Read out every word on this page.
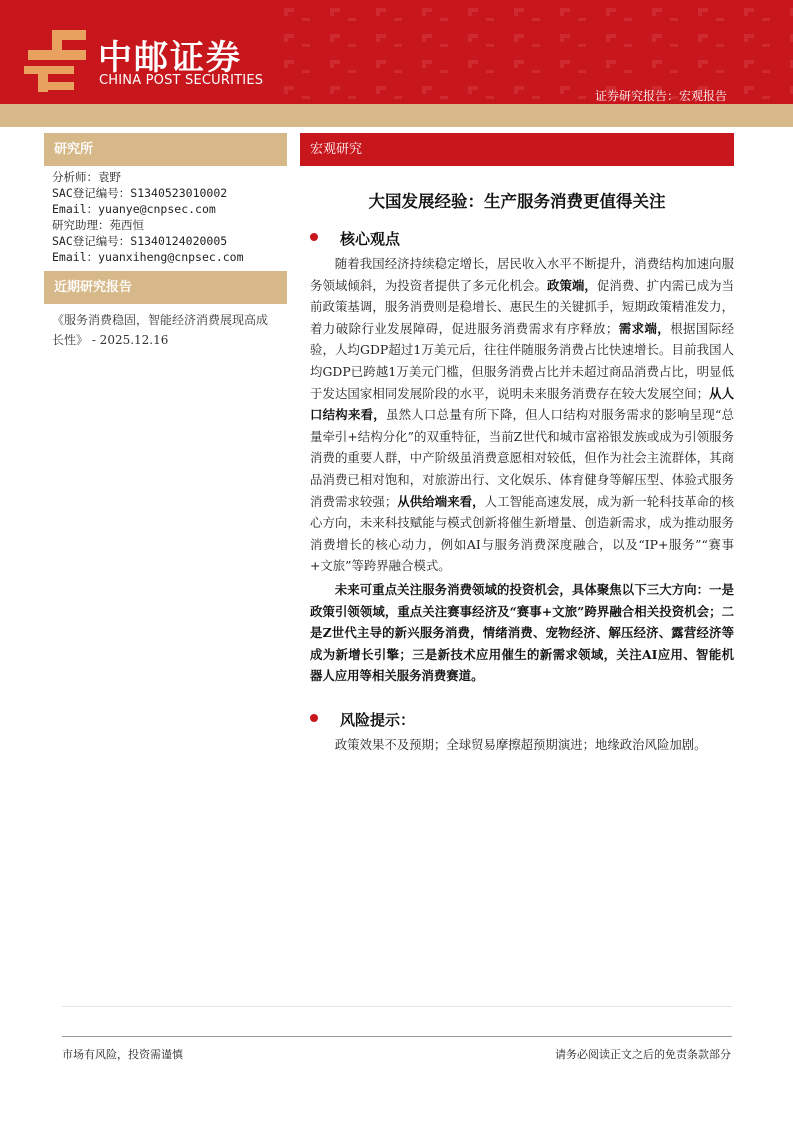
中邮证券
CHINA POST SECURITIES
证券研究报告：宏观报告
发布时间：2025-12-22
研究所
分析师：袁野
SAC登记编号：S1340523010002
Email：yuanye@cnpsec.com
研究助理：苑西恒
SAC登记编号：S1340124020005
Email：yuanxiheng@cnpsec.com
近期研究报告
《服务消费稳固，智能经济消费展现高成长性》 - 2025.12.16
宏观研究
大国发展经验：生产服务消费更值得关注
核心观点
随着我国经济持续稳定增长，居民收入水平不断提升，消费结构加速向服务领域倾斜，为投资者提供了多元化机会。政策端，促消费、扩内需已成为当前政策基调，服务消费则是稳增长、惠民生的关键抓手，短期政策精准发力，着力破除行业发展障碍，促进服务消费需求有序释放；需求端，根据国际经验，人均GDP超过1万美元后，往往伴随服务消费占比快速增长。目前我国人均GDP已跨越1万美元门槛，但服务消费占比并未超过商品消费占比，明显低于发达国家相同发展阶段的水平，说明未来服务消费存在较大发展空间；从人口结构来看，虽然人口总量有所下降，但人口结构对服务需求的影响呈现“总量牵引+结构分化”的双重特征，当前Z世代和城市富裕银发族或成为引领服务消费的重要人群，中产阶级虽消费意愿相对较低，但作为社会主流群体，其商品消费已相对饱和，对旅游出行、文化娱乐、体育健身等解压型、体验式服务消费需求较强；从供给端来看，人工智能高速发展，成为新一轮科技革命的核心方向，未来科技赋能与模式创新将催生新增量、创造新需求，成为推动服务消费增长的核心动力，例如AI与服务消费深度融合，以及“IP+服务”“赛事+文旅”等跨界融合模式。
未来可重点关注服务消费领域的投资机会，具体聚焦以下三大方向：一是政策引领领域，重点关注赛事经济及“赛事+文旅”跨界融合相关投资机会；二是Z世代主导的新兴服务消费，情绪消费、宠物经济、解压经济、露营经济等成为新增长引擎；三是新技术应用催生的新需求领域，关注AI应用、智能机器人应用等相关服务消费赛道。
风险提示：
政策效果不及预期；全球贸易摩擦超预期演进；地缘政治风险加剧。
市场有风险，投资需谨慎	请务必阅读正文之后的免责条款部分
